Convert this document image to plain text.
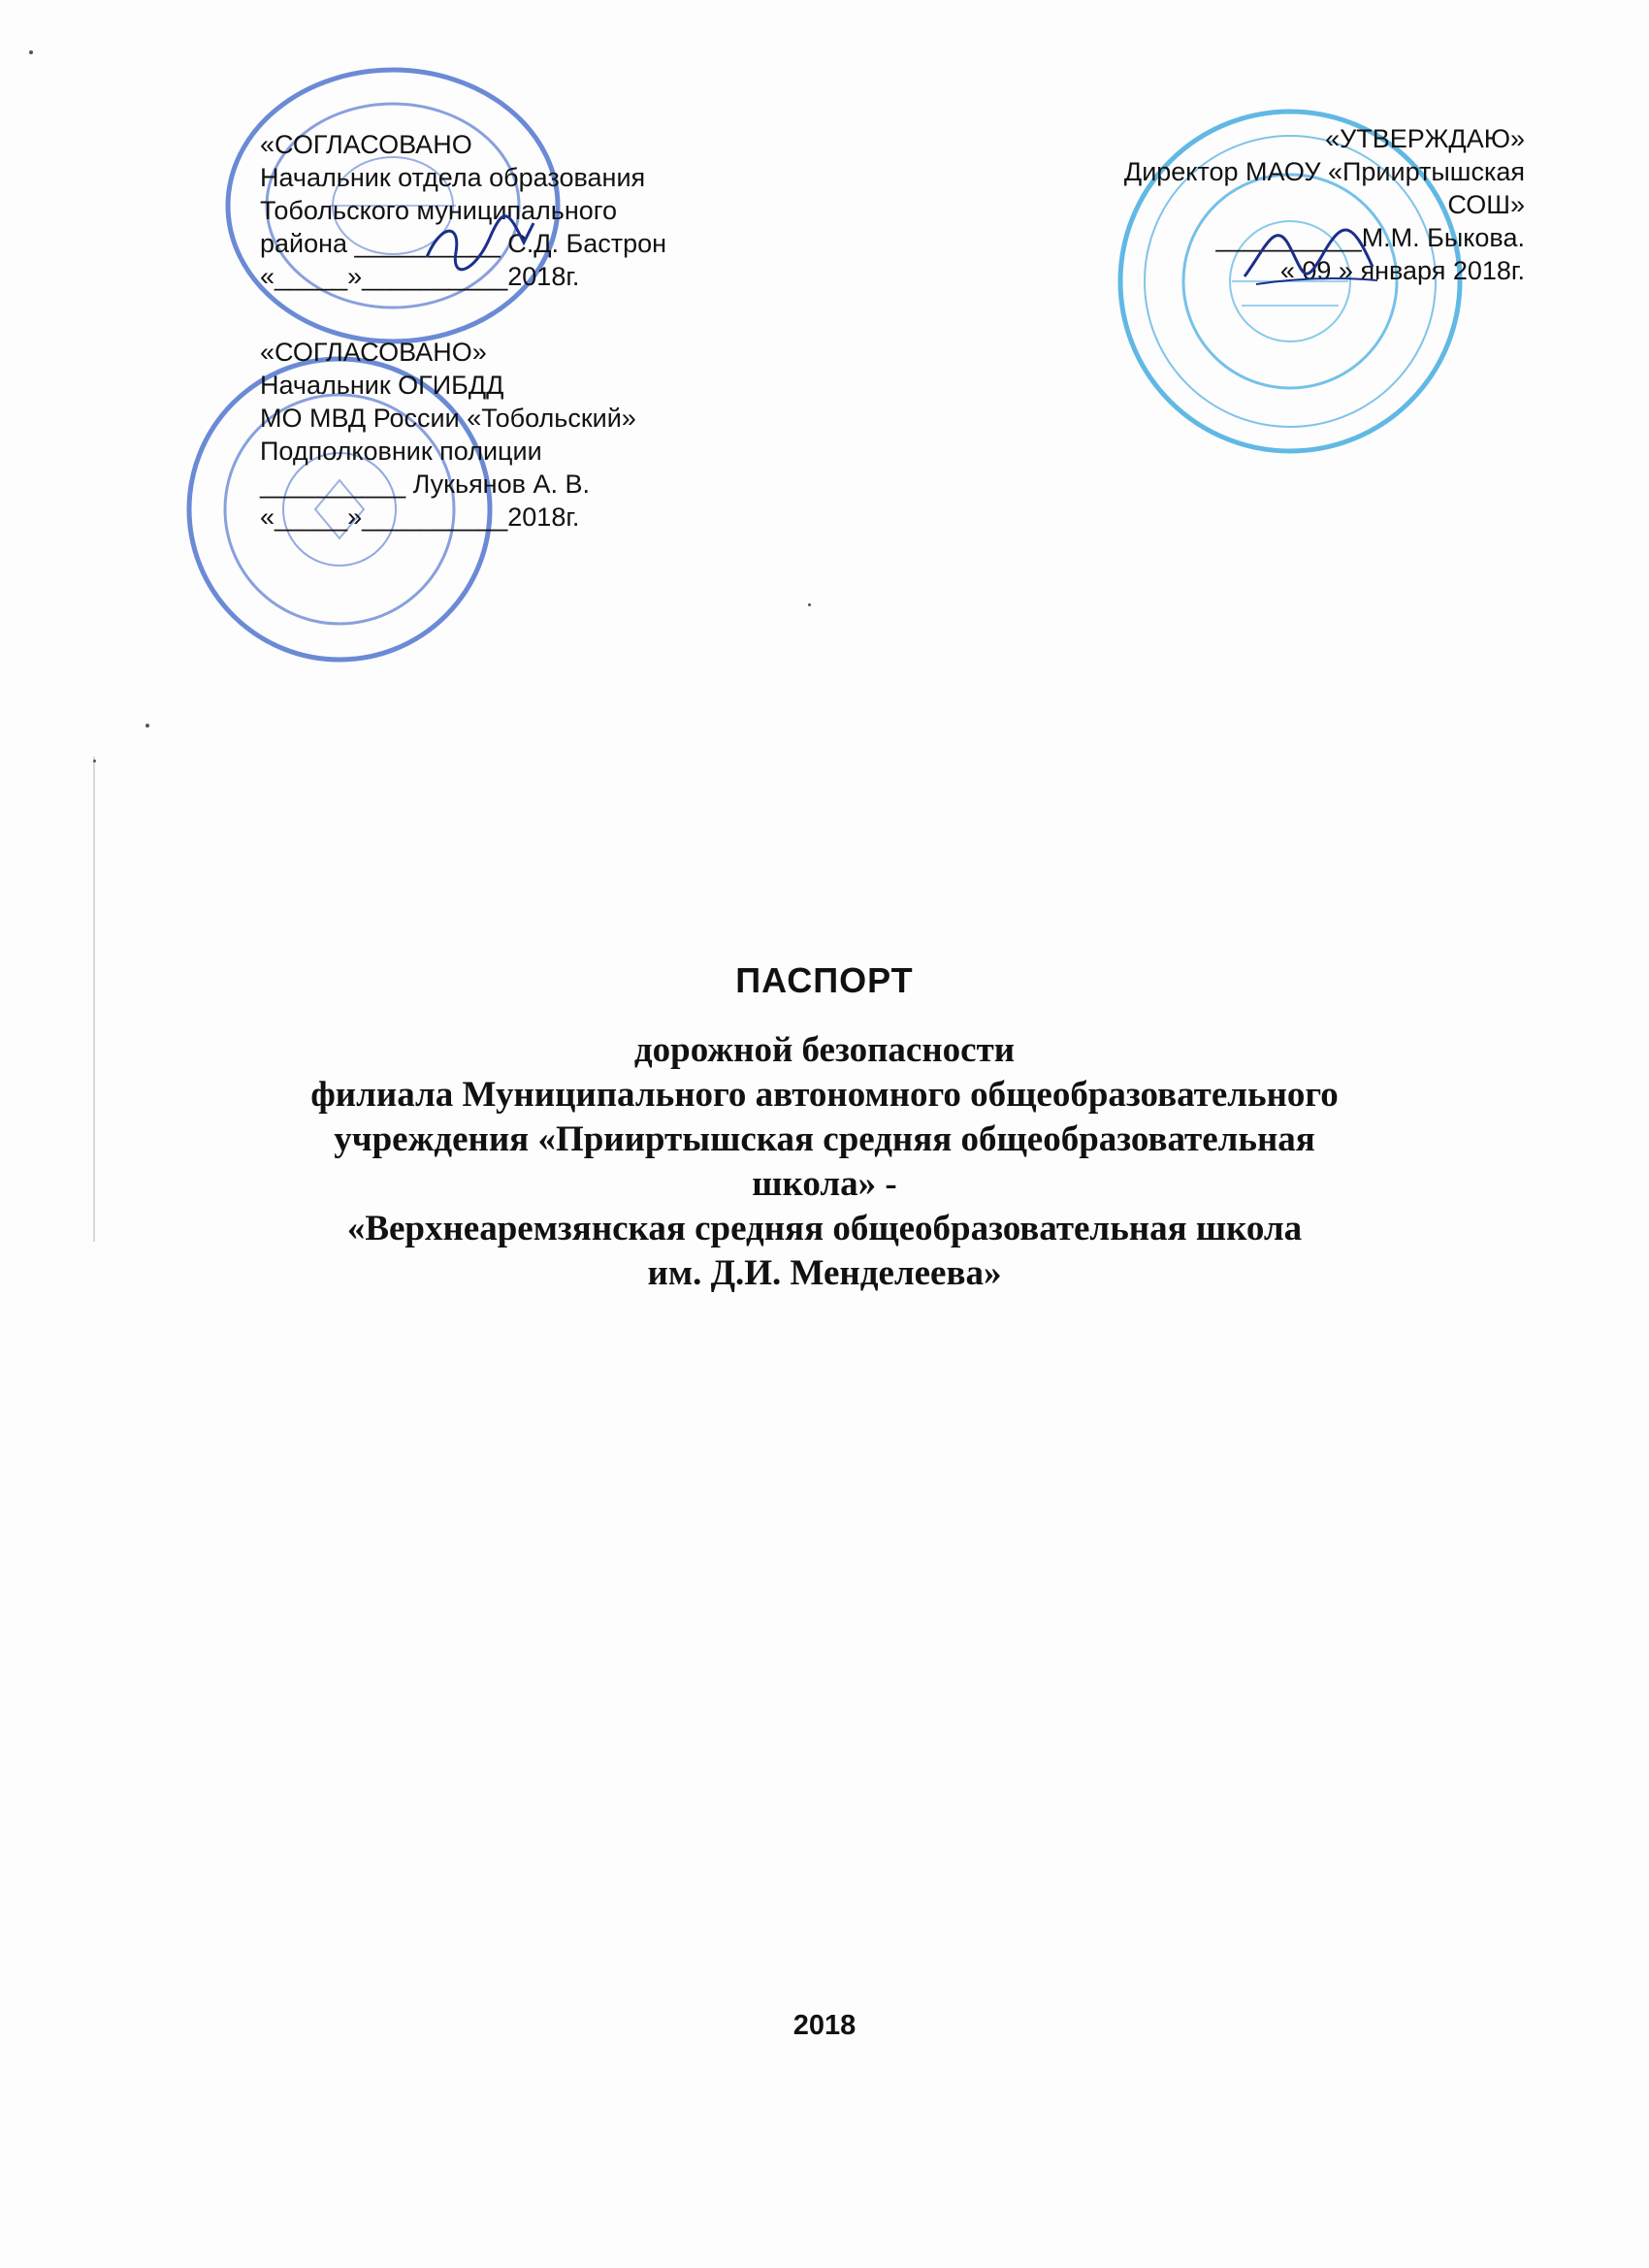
«СОГЛАСОВАНО
Начальник отдела образования
Тобольского муниципального
района __________ С.Д. Бастрон
«_____»__________2018г.
«СОГЛАСОВАНО»
Начальник ОГИБДД
МО МВД России «Тобольский»
Подполковник полиции
__________ Лукьянов А. В.
«_____»__________2018г.
«УТВЕРЖДАЮ»
Директор МАОУ «Прииртышская
СОШ»
__________М.М. Быкова.
« 09 » января 2018г.
ПАСПОРТ
дорожной безопасности
филиала Муниципального автономного общеобразовательного
учреждения «Прииртышская средняя общеобразовательная
школа» -
«Верхнеаремзянская средняя общеобразовательная школа
им. Д.И. Менделеева»
2018
